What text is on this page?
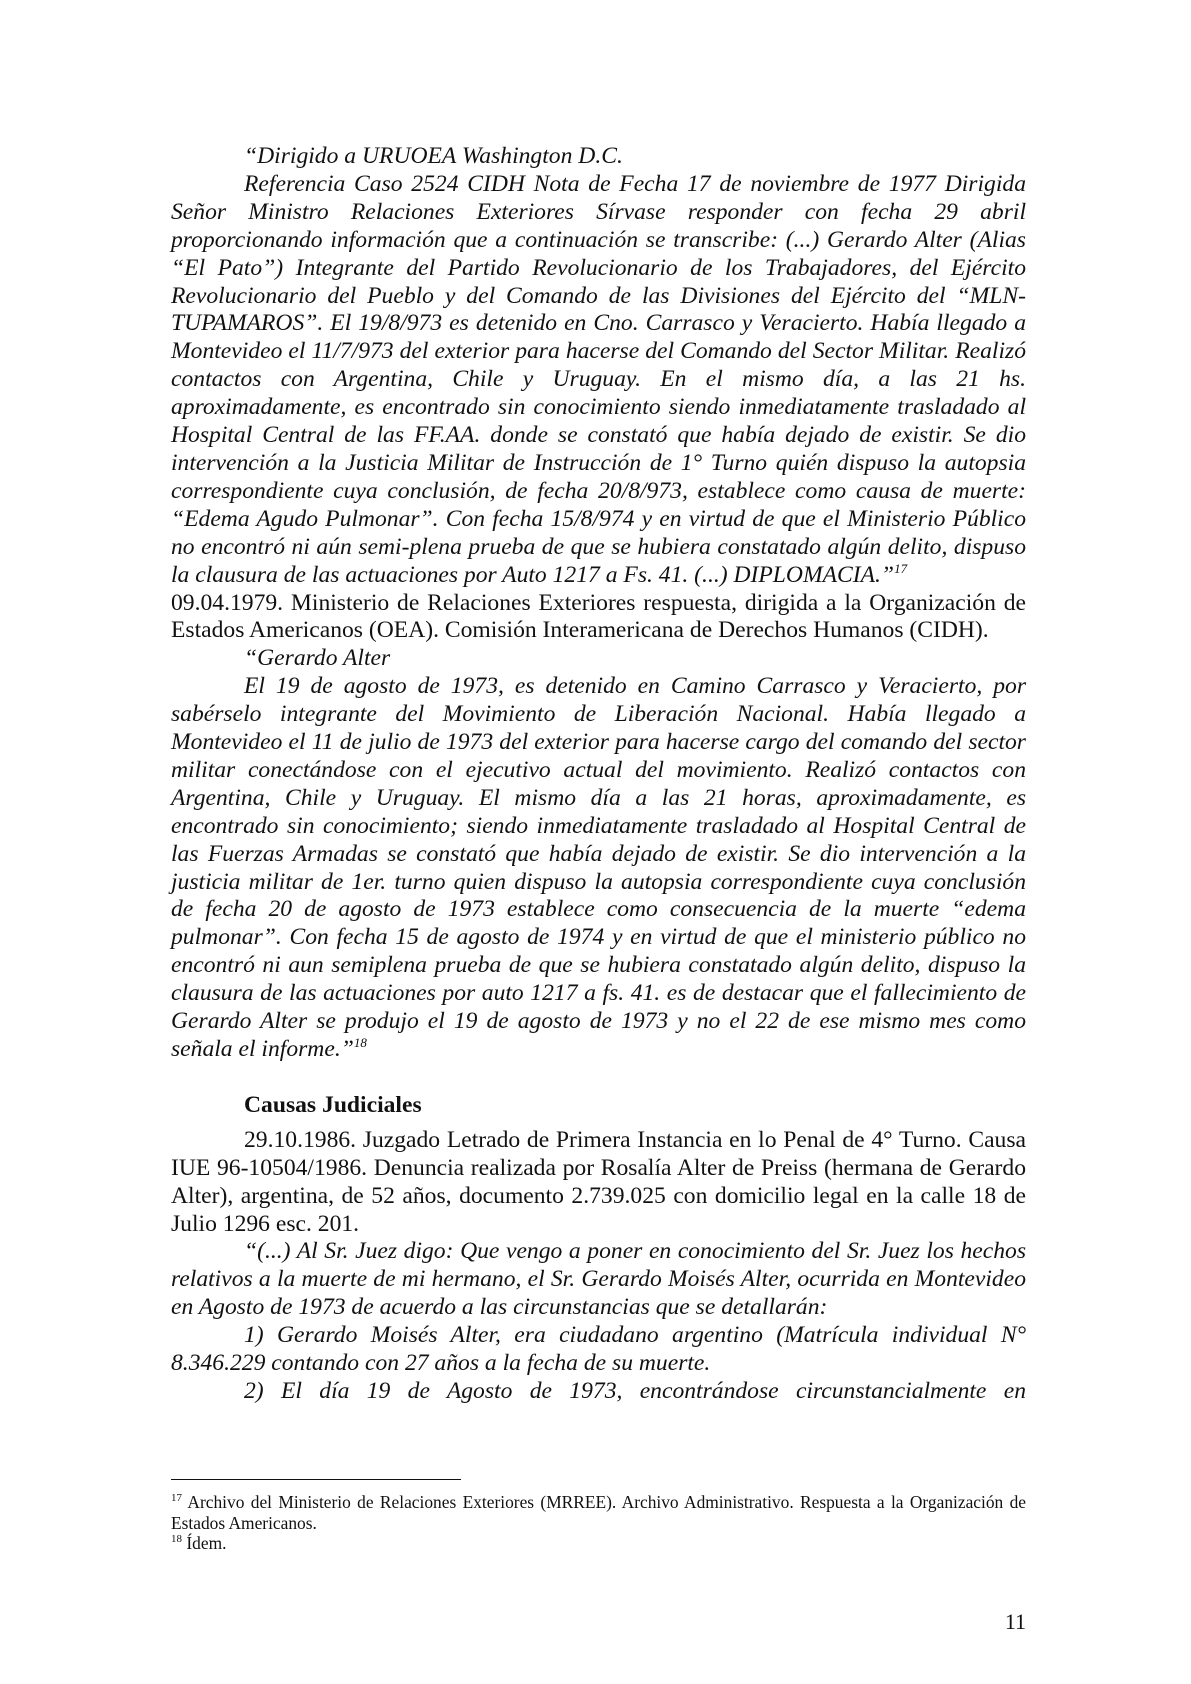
“Dirigido a URUOEA Washington D.C.

Referencia Caso 2524 CIDH Nota de Fecha 17 de noviembre de 1977 Dirigida Señor Ministro Relaciones Exteriores Sírvase responder con fecha 29 abril proporcionando información que a continuación se transcribe: (...) Gerardo Alter (Alias “El Pato”) Integrante del Partido Revolucionario de los Trabajadores, del Ejército Revolucionario del Pueblo y del Comando de las Divisiones del Ejército del “MLN- TUPAMAROS”. El 19/8/973 es detenido en Cno. Carrasco y Veracierto. Había llegado a Montevideo el 11/7/973 del exterior para hacerse del Comando del Sector Militar. Realizó contactos con Argentina, Chile y Uruguay. En el mismo día, a las 21 hs. aproximadamente, es encontrado sin conocimiento siendo inmediatamente trasladado al Hospital Central de las FF.AA. donde se constató que había dejado de existir. Se dio intervención a la Justicia Militar de Instrucción de 1° Turno quién dispuso la autopsia correspondiente cuya conclusión, de fecha 20/8/973, establece como causa de muerte: “Edema Agudo Pulmonar”. Con fecha 15/8/974 y en virtud de que el Ministerio Público no encontró ni aún semi-plena prueba de que se hubiera constatado algún delito, dispuso la clausura de las actuaciones por Auto 1217 a Fs. 41. (...) DIPLOMACIA.”$^{17}$

09.04.1979. Ministerio de Relaciones Exteriores respuesta, dirigida a la Organización de Estados Americanos (OEA). Comisión Interamericana de Derechos Humanos (CIDH).

“Gerardo Alter

El 19 de agosto de 1973, es detenido en Camino Carrasco y Veracierto, por sabérselo integrante del Movimiento de Liberación Nacional. Había llegado a Montevideo el 11 de julio de 1973 del exterior para hacerse cargo del comando del sector militar conectándose con el ejecutivo actual del movimiento. Realizó contactos con Argentina, Chile y Uruguay. El mismo día a las 21 horas, aproximadamente, es encontrado sin conocimiento; siendo inmediatamente trasladado al Hospital Central de las Fuerzas Armadas se constató que había dejado de existir. Se dio intervención a la justicia militar de 1er. turno quien dispuso la autopsia correspondiente cuya conclusión de fecha 20 de agosto de 1973 establece como consecuencia de la muerte “edema pulmonar”. Con fecha 15 de agosto de 1974 y en virtud de que el ministerio público no encontró ni aun semiplena prueba de que se hubiera constatado algún delito, dispuso la clausura de las actuaciones por auto 1217 a fs. 41. es de destacar que el fallecimiento de Gerardo Alter se produjo el 19 de agosto de 1973 y no el 22 de ese mismo mes como señala el informe.”$^{18}$

Causas Judiciales

29.10.1986. Juzgado Letrado de Primera Instancia en lo Penal de 4° Turno. Causa IUE 96-10504/1986. Denuncia realizada por Rosalía Alter de Preiss (hermana de Gerardo Alter), argentina, de 52 años, documento 2.739.025 con domicilio legal en la calle 18 de Julio 1296 esc. 201.

“(...) Al Sr. Juez digo: Que vengo a poner en conocimiento del Sr. Juez los hechos relativos a la muerte de mi hermano, el Sr. Gerardo Moisés Alter, ocurrida en Montevideo en Agosto de 1973 de acuerdo a las circunstancias que se detallarán:

1) Gerardo Moisés Alter, era ciudadano argentino (Matrícula individual N° 8.346.229 contando con 27 años a la fecha de su muerte.

2) El día 19 de Agosto de 1973, encontrándose circunstancialmente en

$^{17}$ Archivo del Ministerio de Relaciones Exteriores (MRREE). Archivo Administrativo. Respuesta a la Organización de Estados Americanos.

$^{18}$ Ídem.

11
